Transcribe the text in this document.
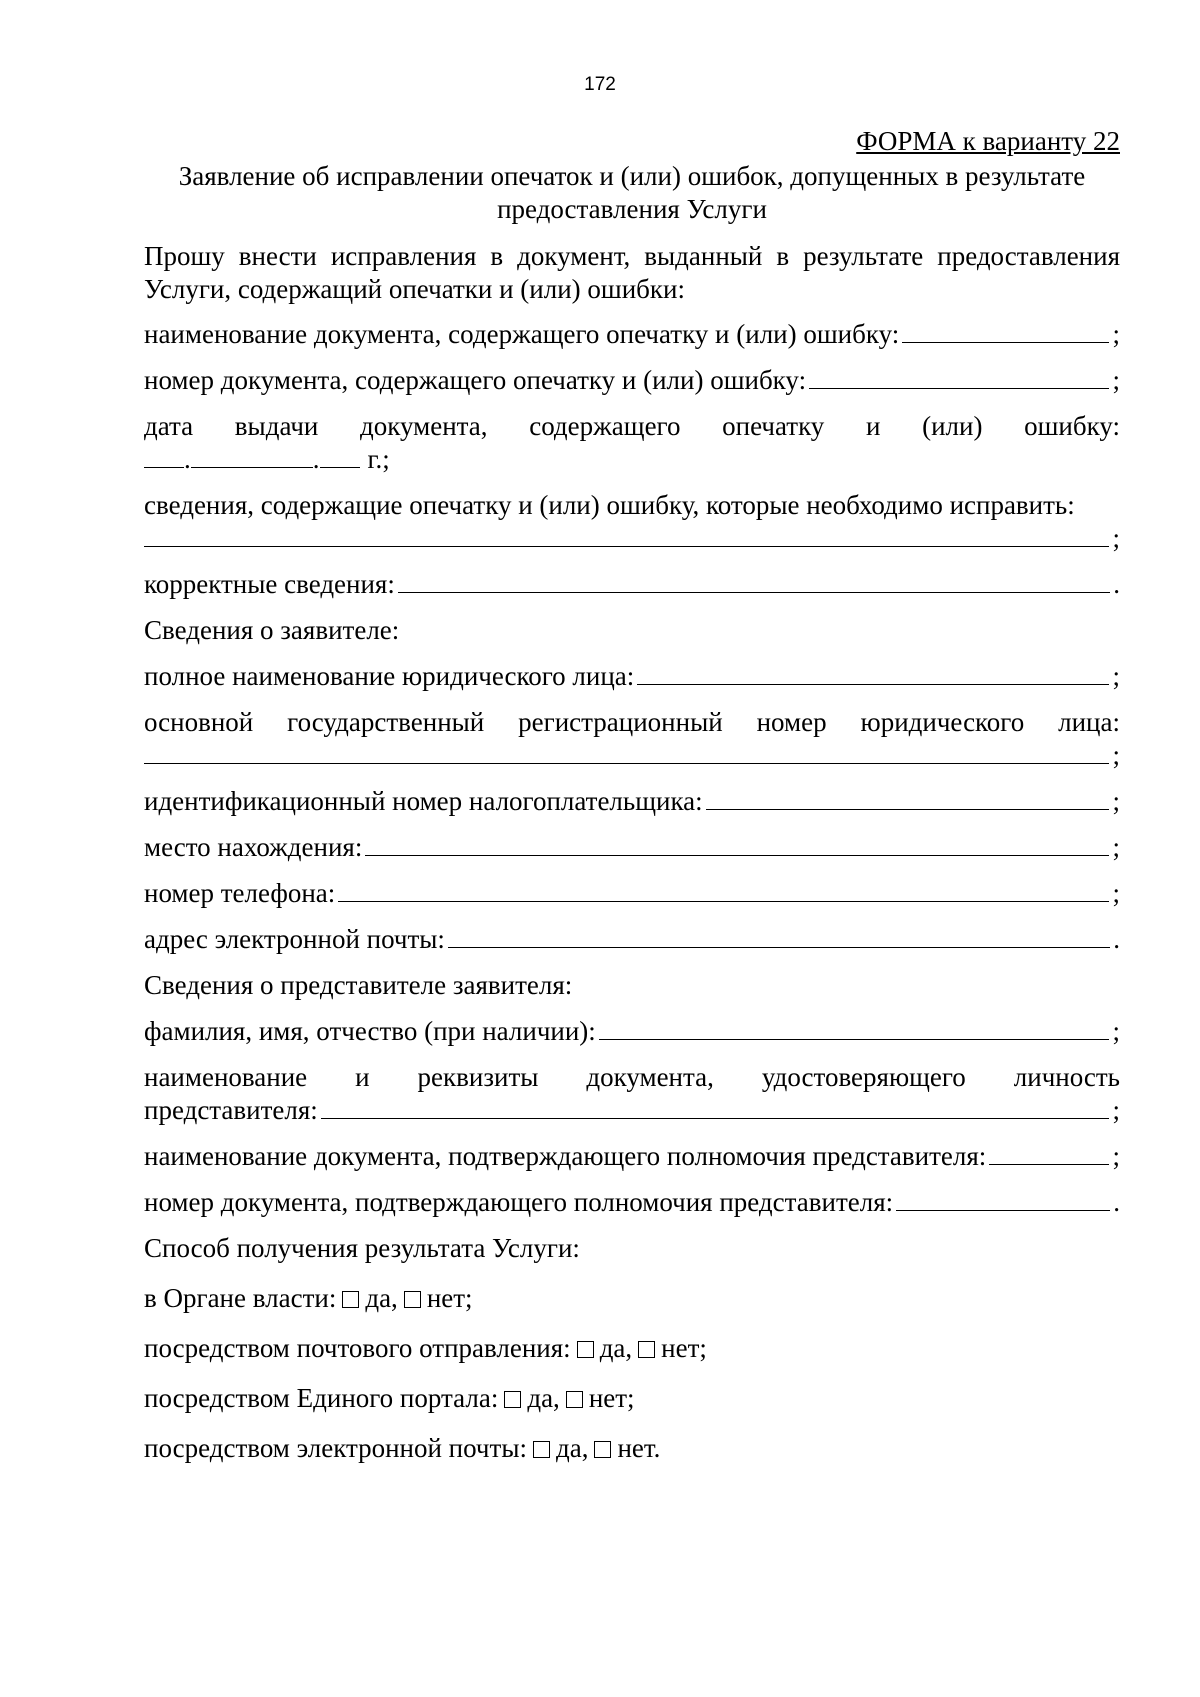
172

ФОРМА к варианту 22

Заявление об исправлении опечаток и (или) ошибок, допущенных в результате
предоставления Услуги
Прошу внести исправления в документ, выданный в результате предоставления
Услуги, содержащий опечатки и (или) ошибки:
наименование документа, содержащего опечатку и (или) ошибку:	;
номер документа, содержащего опечатку и (или) ошибку:	;
дата выдачи документа, содержащего опечатку и (или) ошибку:
.	. г.;
сведения, содержащие опечатку и (или) ошибку, которые необходимо исправить:
;
корректные сведения:	.
Сведения о заявителе:
полное наименование юридического лица:	;
основной государственный регистрационный номер юридического лица:
;
идентификационный номер налогоплательщика:	;
место нахождения:	;
номер телефона:	;
адрес электронной почты:	.
Сведения о представителе заявителя:
фамилия, имя, отчество (при наличии):	;
наименование и реквизиты документа, удостоверяющего личность
представителя:	;
наименование документа, подтверждающего полномочия представителя:	;
номер документа, подтверждающего полномочия представителя:	.
Способ получения результата Услуги:
в Органе власти: да, нет;
посредством почтового отправления: да, нет;
посредством Единого портала: да, нет;
посредством электронной почты: да, нет.
